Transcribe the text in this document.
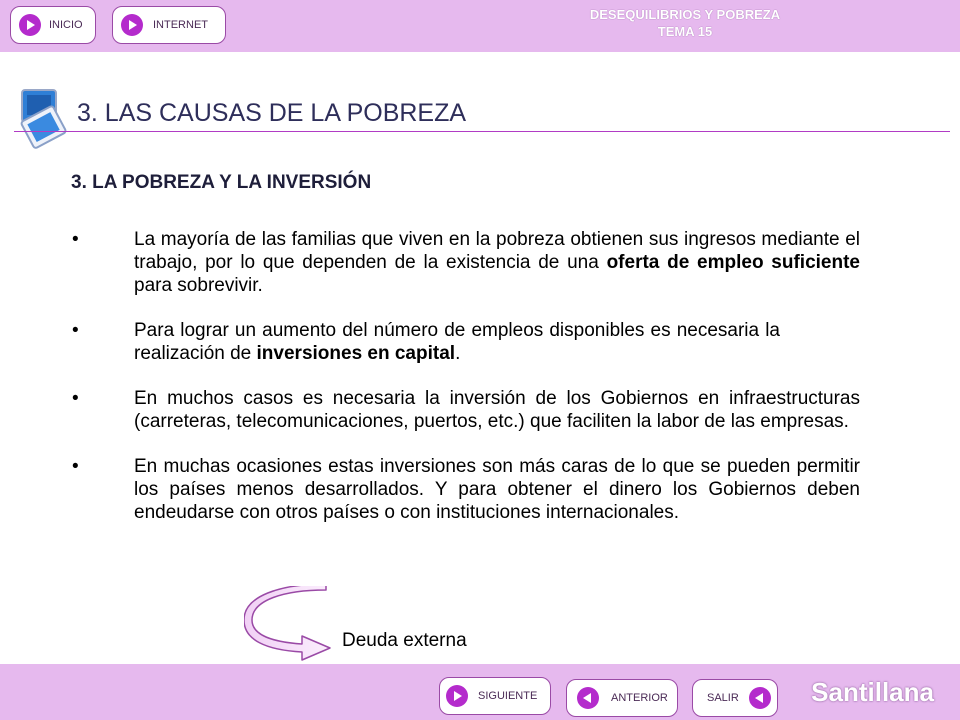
INICIO	INTERNET
DESEQUILIBRIOS Y POBREZA
TEMA 15
3. LAS CAUSAS DE LA POBREZA
3. LA POBREZA Y LA INVERSIÓN
•	La mayoría de las familias que viven en la pobreza obtienen sus ingresos mediante el trabajo, por lo que dependen de la existencia de una oferta de empleo suficiente para sobrevivir.
•	Para lograr un aumento del número de empleos disponibles es necesaria la realización de inversiones en capital.
•	En muchos casos es necesaria la inversión de los Gobiernos en infraestructuras (carreteras, telecomunicaciones, puertos, etc.) que faciliten la labor de las empresas.
•	En muchas ocasiones estas inversiones son más caras de lo que se pueden permitir los países menos desarrollados. Y para obtener el dinero los Gobiernos deben endeudarse con otros países o con instituciones internacionales.
Deuda externa
SIGUIENTE	ANTERIOR	SALIR	Santillana
